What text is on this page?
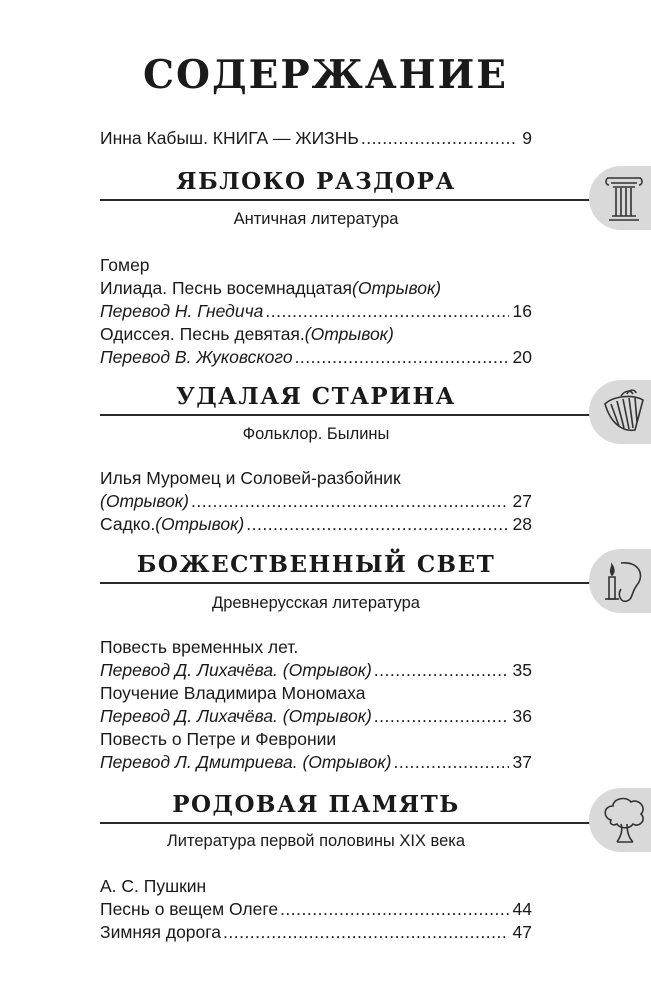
СОДЕРЖАНИЕ
Инна Кабыш. КНИГА — ЖИЗНЬ .....	9
ЯБЛОКО РАЗДОРА
Античная литература
Гомер
Илиада. Песнь восемнадцатая (Отрывок)
Перевод Н. Гнедича .....	16
Одиссея. Песнь девятая. (Отрывок)
Перевод В. Жуковского .....	20
УДАЛАЯ СТАРИНА
Фольклор. Былины
Илья Муромец и Соловей-разбойник
(Отрывок) .....	27
Садко. (Отрывок) .....	28
БОЖЕСТВЕННЫЙ СВЕТ
Древнерусская литература
Повесть временных лет.
Перевод Д. Лихачёва. (Отрывок) .....	35
Поучение Владимира Мономаха
Перевод Д. Лихачёва. (Отрывок) .....	36
Повесть о Петре и Февронии
Перевод Л. Дмитриева. (Отрывок) .....	37
РОДОВАЯ ПАМЯТЬ
Литература первой половины XIX века
А. С. Пушкин
Песнь о вещем Олеге .....	44
Зимняя дорога .....	47
